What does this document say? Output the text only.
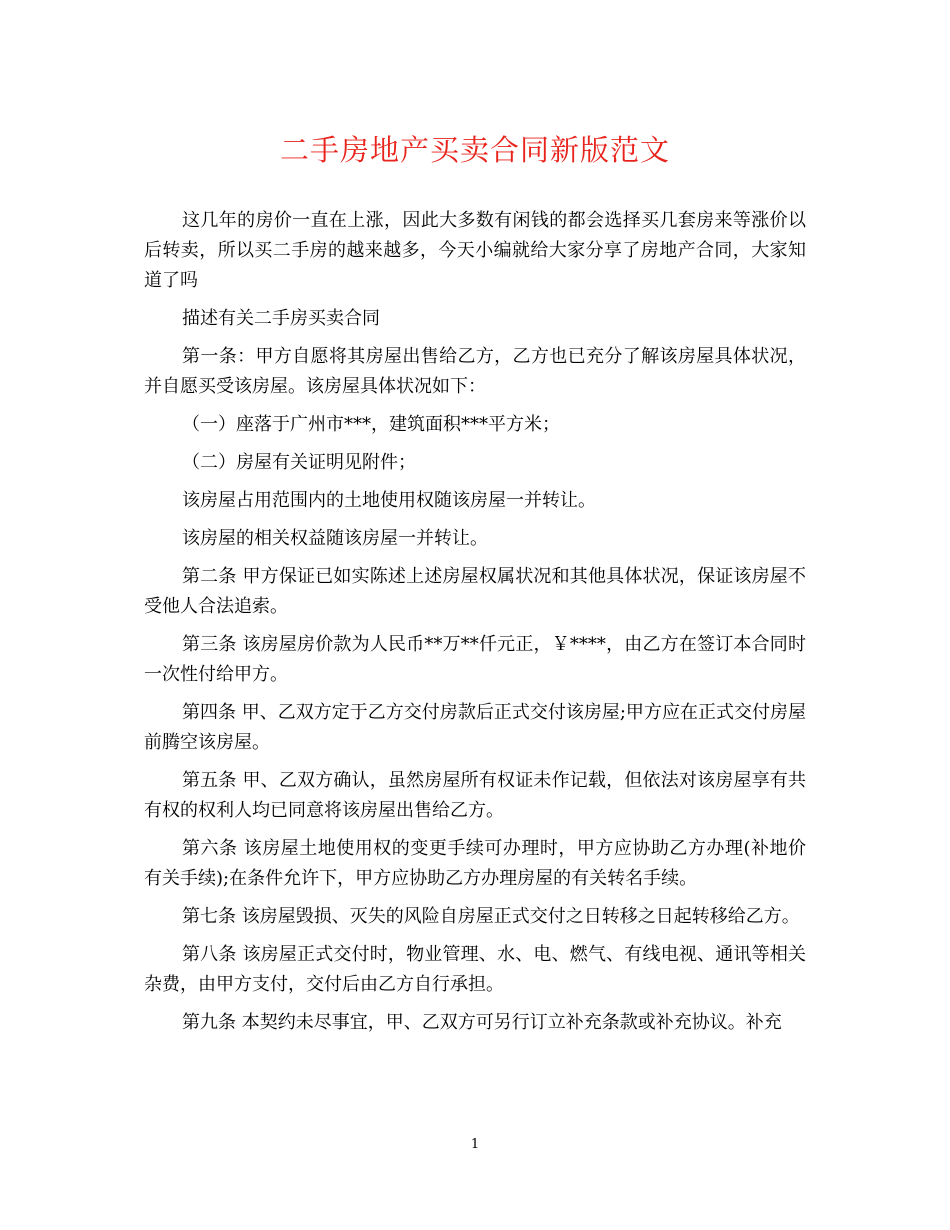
二手房地产买卖合同新版范文

这几年的房价一直在上涨，因此大多数有闲钱的都会选择买几套房来等涨价以后转卖，所以买二手房的越来越多，今天小编就给大家分享了房地产合同，大家知道了吗

描述有关二手房买卖合同

第一条：甲方自愿将其房屋出售给乙方，乙方也已充分了解该房屋具体状况，并自愿买受该房屋。该房屋具体状况如下：

（一）座落于广州市***，建筑面积***平方米；

（二）房屋有关证明见附件；

该房屋占用范围内的土地使用权随该房屋一并转让。

该房屋的相关权益随该房屋一并转让。

第二条 甲方保证已如实陈述上述房屋权属状况和其他具体状况，保证该房屋不受他人合法追索。

第三条 该房屋房价款为人民币**万**仟元正，￥****，由乙方在签订本合同时一次性付给甲方。

第四条 甲、乙双方定于乙方交付房款后正式交付该房屋;甲方应在正式交付房屋前腾空该房屋。

第五条 甲、乙双方确认，虽然房屋所有权证未作记载，但依法对该房屋享有共有权的权利人均已同意将该房屋出售给乙方。

第六条 该房屋土地使用权的变更手续可办理时，甲方应协助乙方办理(补地价有关手续);在条件允许下，甲方应协助乙方办理房屋的有关转名手续。

第七条 该房屋毁损、灭失的风险自房屋正式交付之日转移之日起转移给乙方。

第八条 该房屋正式交付时，物业管理、水、电、燃气、有线电视、通讯等相关杂费，由甲方支付，交付后由乙方自行承担。

第九条 本契约未尽事宜，甲、乙双方可另行订立补充条款或补充协议。补充

1
